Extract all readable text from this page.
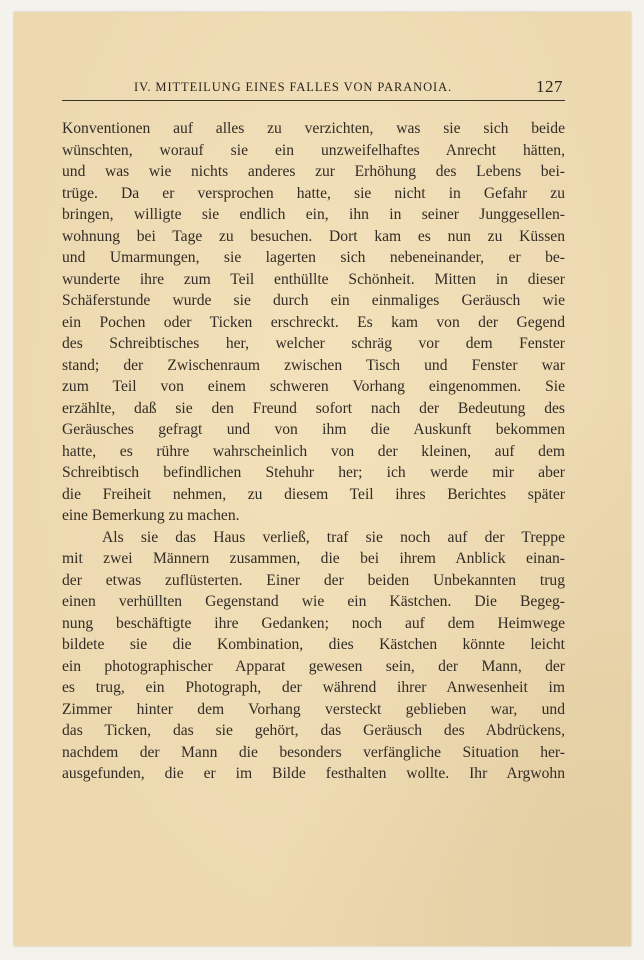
IV. MITTEILUNG EINES FALLES VON PARANOIA.	127
Konventionen auf alles zu verzichten, was sie sich beide
wünschten, worauf sie ein unzweifelhaftes Anrecht hätten,
und was wie nichts anderes zur Erhöhung des Lebens bei-
trüge. Da er versprochen hatte, sie nicht in Gefahr zu
bringen, willigte sie endlich ein, ihn in seiner Junggesellen-
wohnung bei Tage zu besuchen. Dort kam es nun zu Küssen
und Umarmungen, sie lagerten sich nebeneinander, er be-
wunderte ihre zum Teil enthüllte Schönheit. Mitten in dieser
Schäferstunde wurde sie durch ein einmaliges Geräusch wie
ein Pochen oder Ticken erschreckt. Es kam von der Gegend
des Schreibtisches her, welcher schräg vor dem Fenster
stand; der Zwischenraum zwischen Tisch und Fenster war
zum Teil von einem schweren Vorhang eingenommen. Sie
erzählte, daß sie den Freund sofort nach der Bedeutung des
Geräusches gefragt und von ihm die Auskunft bekommen
hatte, es rühre wahrscheinlich von der kleinen, auf dem
Schreibtisch befindlichen Stehuhr her; ich werde mir aber
die Freiheit nehmen, zu diesem Teil ihres Berichtes später
eine Bemerkung zu machen.
Als sie das Haus verließ, traf sie noch auf der Treppe
mit zwei Männern zusammen, die bei ihrem Anblick einan-
der etwas zuflüsterten. Einer der beiden Unbekannten trug
einen verhüllten Gegenstand wie ein Kästchen. Die Begeg-
nung beschäftigte ihre Gedanken; noch auf dem Heimwege
bildete sie die Kombination, dies Kästchen könnte leicht
ein photographischer Apparat gewesen sein, der Mann, der
es trug, ein Photograph, der während ihrer Anwesenheit im
Zimmer hinter dem Vorhang versteckt geblieben war, und
das Ticken, das sie gehört, das Geräusch des Abdrückens,
nachdem der Mann die besonders verfängliche Situation her-
ausgefunden, die er im Bilde festhalten wollte. Ihr Argwohn
